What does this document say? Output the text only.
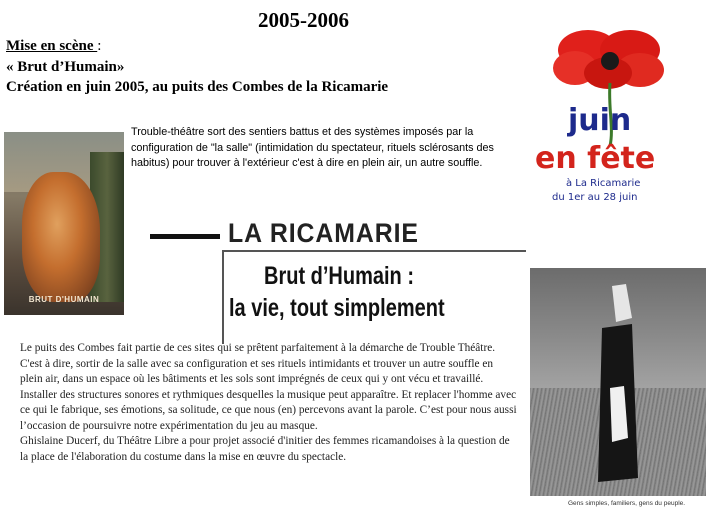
2005-2006
Mise en scène :
« Brut d’Humain»
Création en juin 2005, au puits des Combes de la Ricamarie
BRUT D'HUMAIN
Trouble-théâtre sort des sentiers battus et des systèmes imposés par la configuration de "la salle" (intimidation du spectateur, rituels sclérosants des habitus) pour trouver à l'extérieur c'est à dire en plein air, un autre souffle.
juin
en fête
à La Ricamarie
du 1er au 28 juin
LA RICAMARIE
Brut d’Humain :
la vie, tout simplement

Le puits des Combes fait partie de ces sites qui se prêtent parfaitement à la démarche de Trouble Théâtre. C'est à dire, sortir de la salle avec sa configuration et ses rituels intimidants et trouver un autre souffle en plein air, dans un espace où les bâtiments et les sols sont imprégnés de ceux qui y ont vécu et travaillé. Installer des structures sonores et rythmiques desquelles la musique peut apparaître. Et replacer l'homme avec ce qui le fabrique, ses émotions, sa solitude, ce que nous (en) percevons avant la parole. C’est pour nous aussi l’occasion de poursuivre notre expérimentation du jeu au masque.

Ghislaine Ducerf, du Théâtre Libre a pour projet associé d'initier des femmes ricamandoises à la question de la place de l'élaboration du costume dans la mise en œuvre du spectacle.

Gens simples, familiers, gens du peuple.
